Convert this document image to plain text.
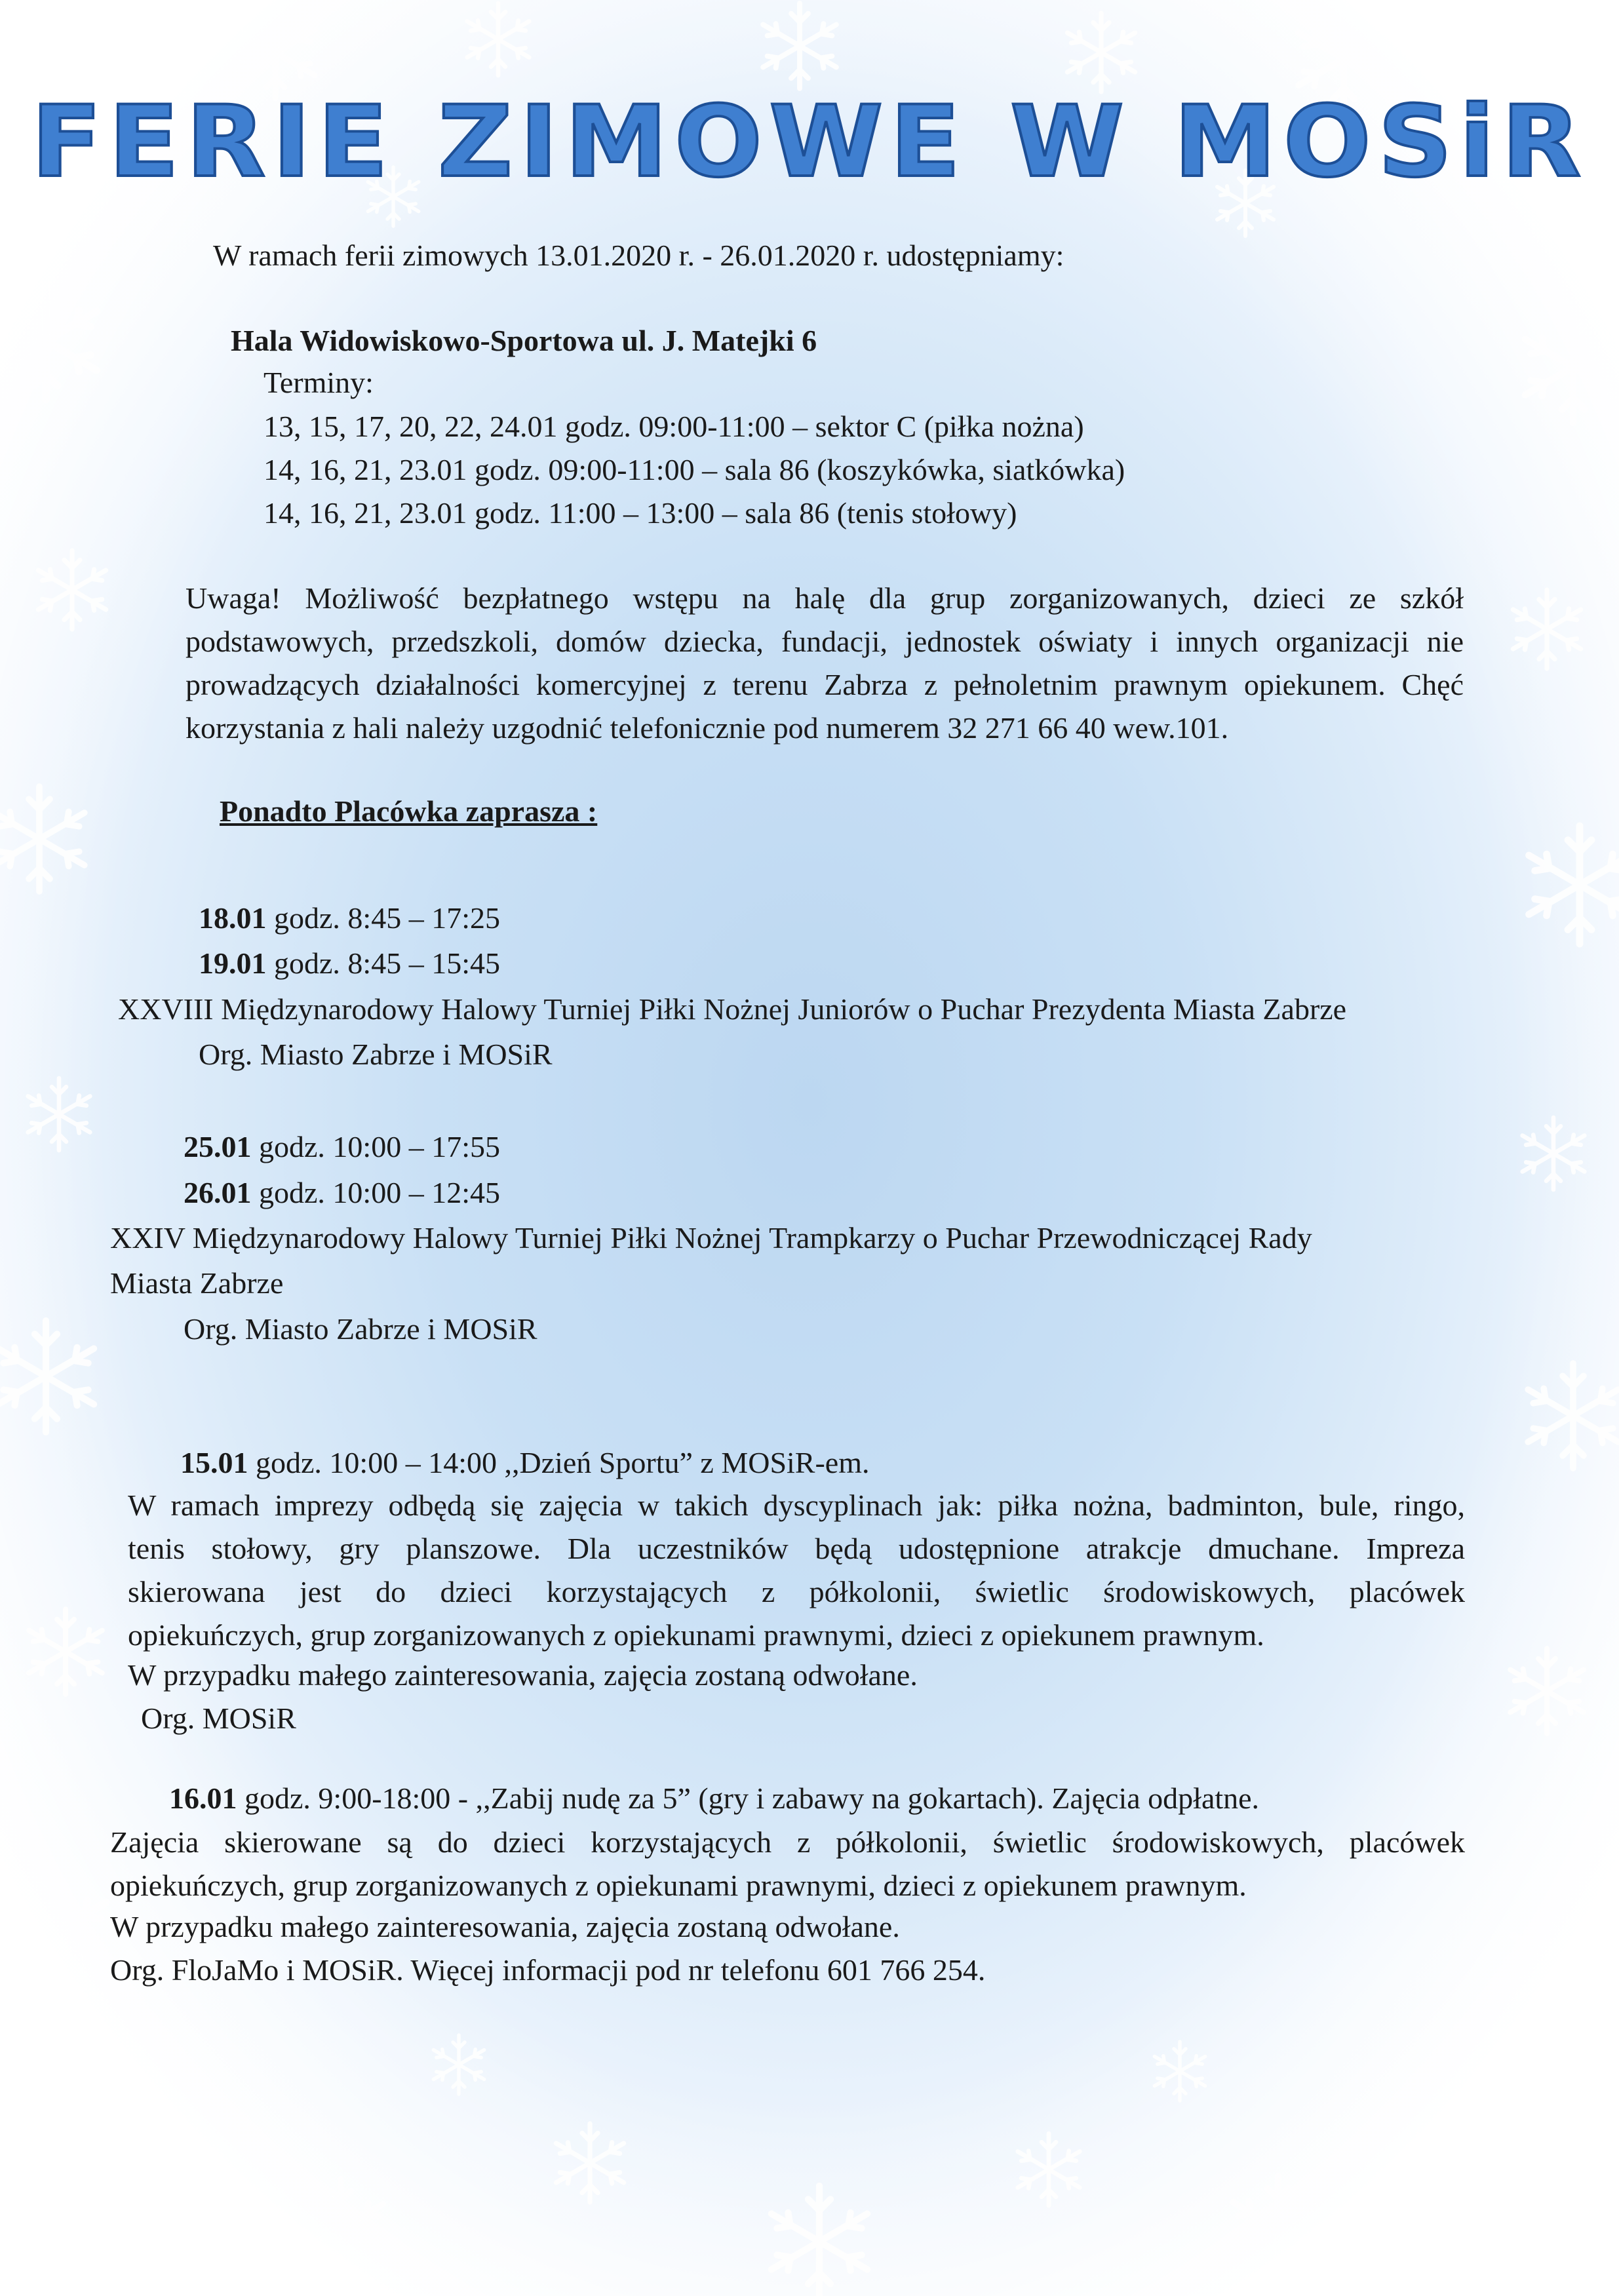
FERIE ZIMOWE W MOSiR
W ramach ferii zimowych 13.01.2020 r. - 26.01.2020 r. udostępniamy:
Hala Widowiskowo-Sportowa ul. J. Matejki 6
Terminy:
13, 15, 17, 20, 22, 24.01 godz. 09:00-11:00 – sektor C (piłka nożna)
14, 16, 21, 23.01 godz. 09:00-11:00 – sala 86 (koszykówka, siatkówka)
14, 16, 21, 23.01 godz. 11:00 – 13:00 – sala 86 (tenis stołowy)
Uwaga! Możliwość bezpłatnego wstępu na halę dla grup zorganizowanych, dzieci ze szkół
podstawowych, przedszkoli, domów dziecka, fundacji, jednostek oświaty i innych organizacji nie
prowadzących działalności komercyjnej z terenu Zabrza z pełnoletnim prawnym opiekunem. Chęć
korzystania z hali należy uzgodnić telefonicznie pod numerem 32 271 66 40 wew.101.
Ponadto Placówka zaprasza :
18.01 godz. 8:45 – 17:25
19.01 godz. 8:45 – 15:45
XXVIII Międzynarodowy Halowy Turniej Piłki Nożnej Juniorów o Puchar Prezydenta Miasta Zabrze
Org. Miasto Zabrze i MOSiR
25.01 godz. 10:00 – 17:55
26.01 godz. 10:00 – 12:45
XXIV Międzynarodowy Halowy Turniej Piłki Nożnej Trampkarzy o Puchar Przewodniczącej Rady
Miasta Zabrze
Org. Miasto Zabrze i MOSiR
15.01 godz. 10:00 – 14:00 ,,Dzień Sportu” z MOSiR-em.
W ramach imprezy odbędą się zajęcia w takich dyscyplinach jak: piłka nożna, badminton, bule, ringo,
tenis stołowy, gry planszowe. Dla uczestników będą udostępnione atrakcje dmuchane. Impreza
skierowana jest do dzieci korzystających z półkolonii, świetlic środowiskowych, placówek
opiekuńczych, grup zorganizowanych z opiekunami prawnymi, dzieci z opiekunem prawnym.
W przypadku małego zainteresowania, zajęcia zostaną odwołane.
Org. MOSiR
16.01 godz. 9:00-18:00 - ,,Zabij nudę za 5” (gry i zabawy na gokartach). Zajęcia odpłatne.
Zajęcia skierowane są do dzieci korzystających z półkolonii, świetlic środowiskowych, placówek
opiekuńczych, grup zorganizowanych z opiekunami prawnymi, dzieci z opiekunem prawnym.
W przypadku małego zainteresowania, zajęcia zostaną odwołane.
Org. FloJaMo i MOSiR. Więcej informacji pod nr telefonu 601 766 254.
